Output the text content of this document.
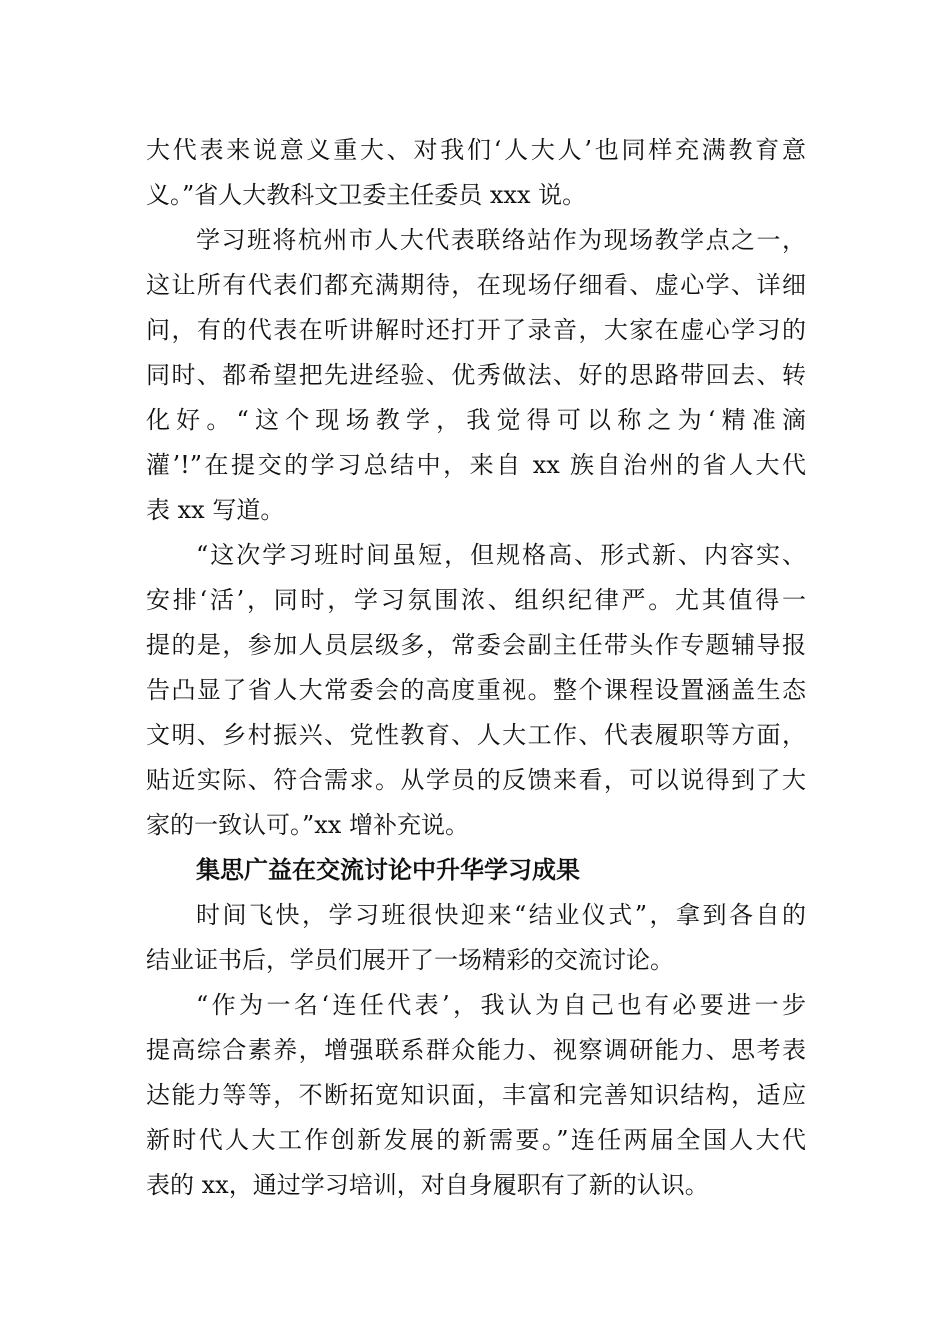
大代表来说意义重大、对我们‘人大人’也同样充满教育意
义。”省人大教科文卫委主任委员 xxx 说。
学习班将杭州市人大代表联络站作为现场教学点之一，
这让所有代表们都充满期待，在现场仔细看、虚心学、详细
问，有的代表在听讲解时还打开了录音，大家在虚心学习的
同时、都希望把先进经验、优秀做法、好的思路带回去、转
化好。“这个现场教学，我觉得可以称之为‘精准滴
灌’!”在提交的学习总结中，来自 xx 族自治州的省人大代
表 xx 写道。
“这次学习班时间虽短，但规格高、形式新、内容实、
安排‘活’，同时，学习氛围浓、组织纪律严。尤其值得一
提的是，参加人员层级多，常委会副主任带头作专题辅导报
告凸显了省人大常委会的高度重视。整个课程设置涵盖生态
文明、乡村振兴、党性教育、人大工作、代表履职等方面，
贴近实际、符合需求。从学员的反馈来看，可以说得到了大
家的一致认可。”xx 增补充说。
集思广益在交流讨论中升华学习成果
时间飞快，学习班很快迎来“结业仪式”，拿到各自的
结业证书后，学员们展开了一场精彩的交流讨论。
“作为一名‘连任代表’，我认为自己也有必要进一步
提高综合素养，增强联系群众能力、视察调研能力、思考表
达能力等等，不断拓宽知识面，丰富和完善知识结构，适应
新时代人大工作创新发展的新需要。”连任两届全国人大代
表的 xx，通过学习培训，对自身履职有了新的认识。
